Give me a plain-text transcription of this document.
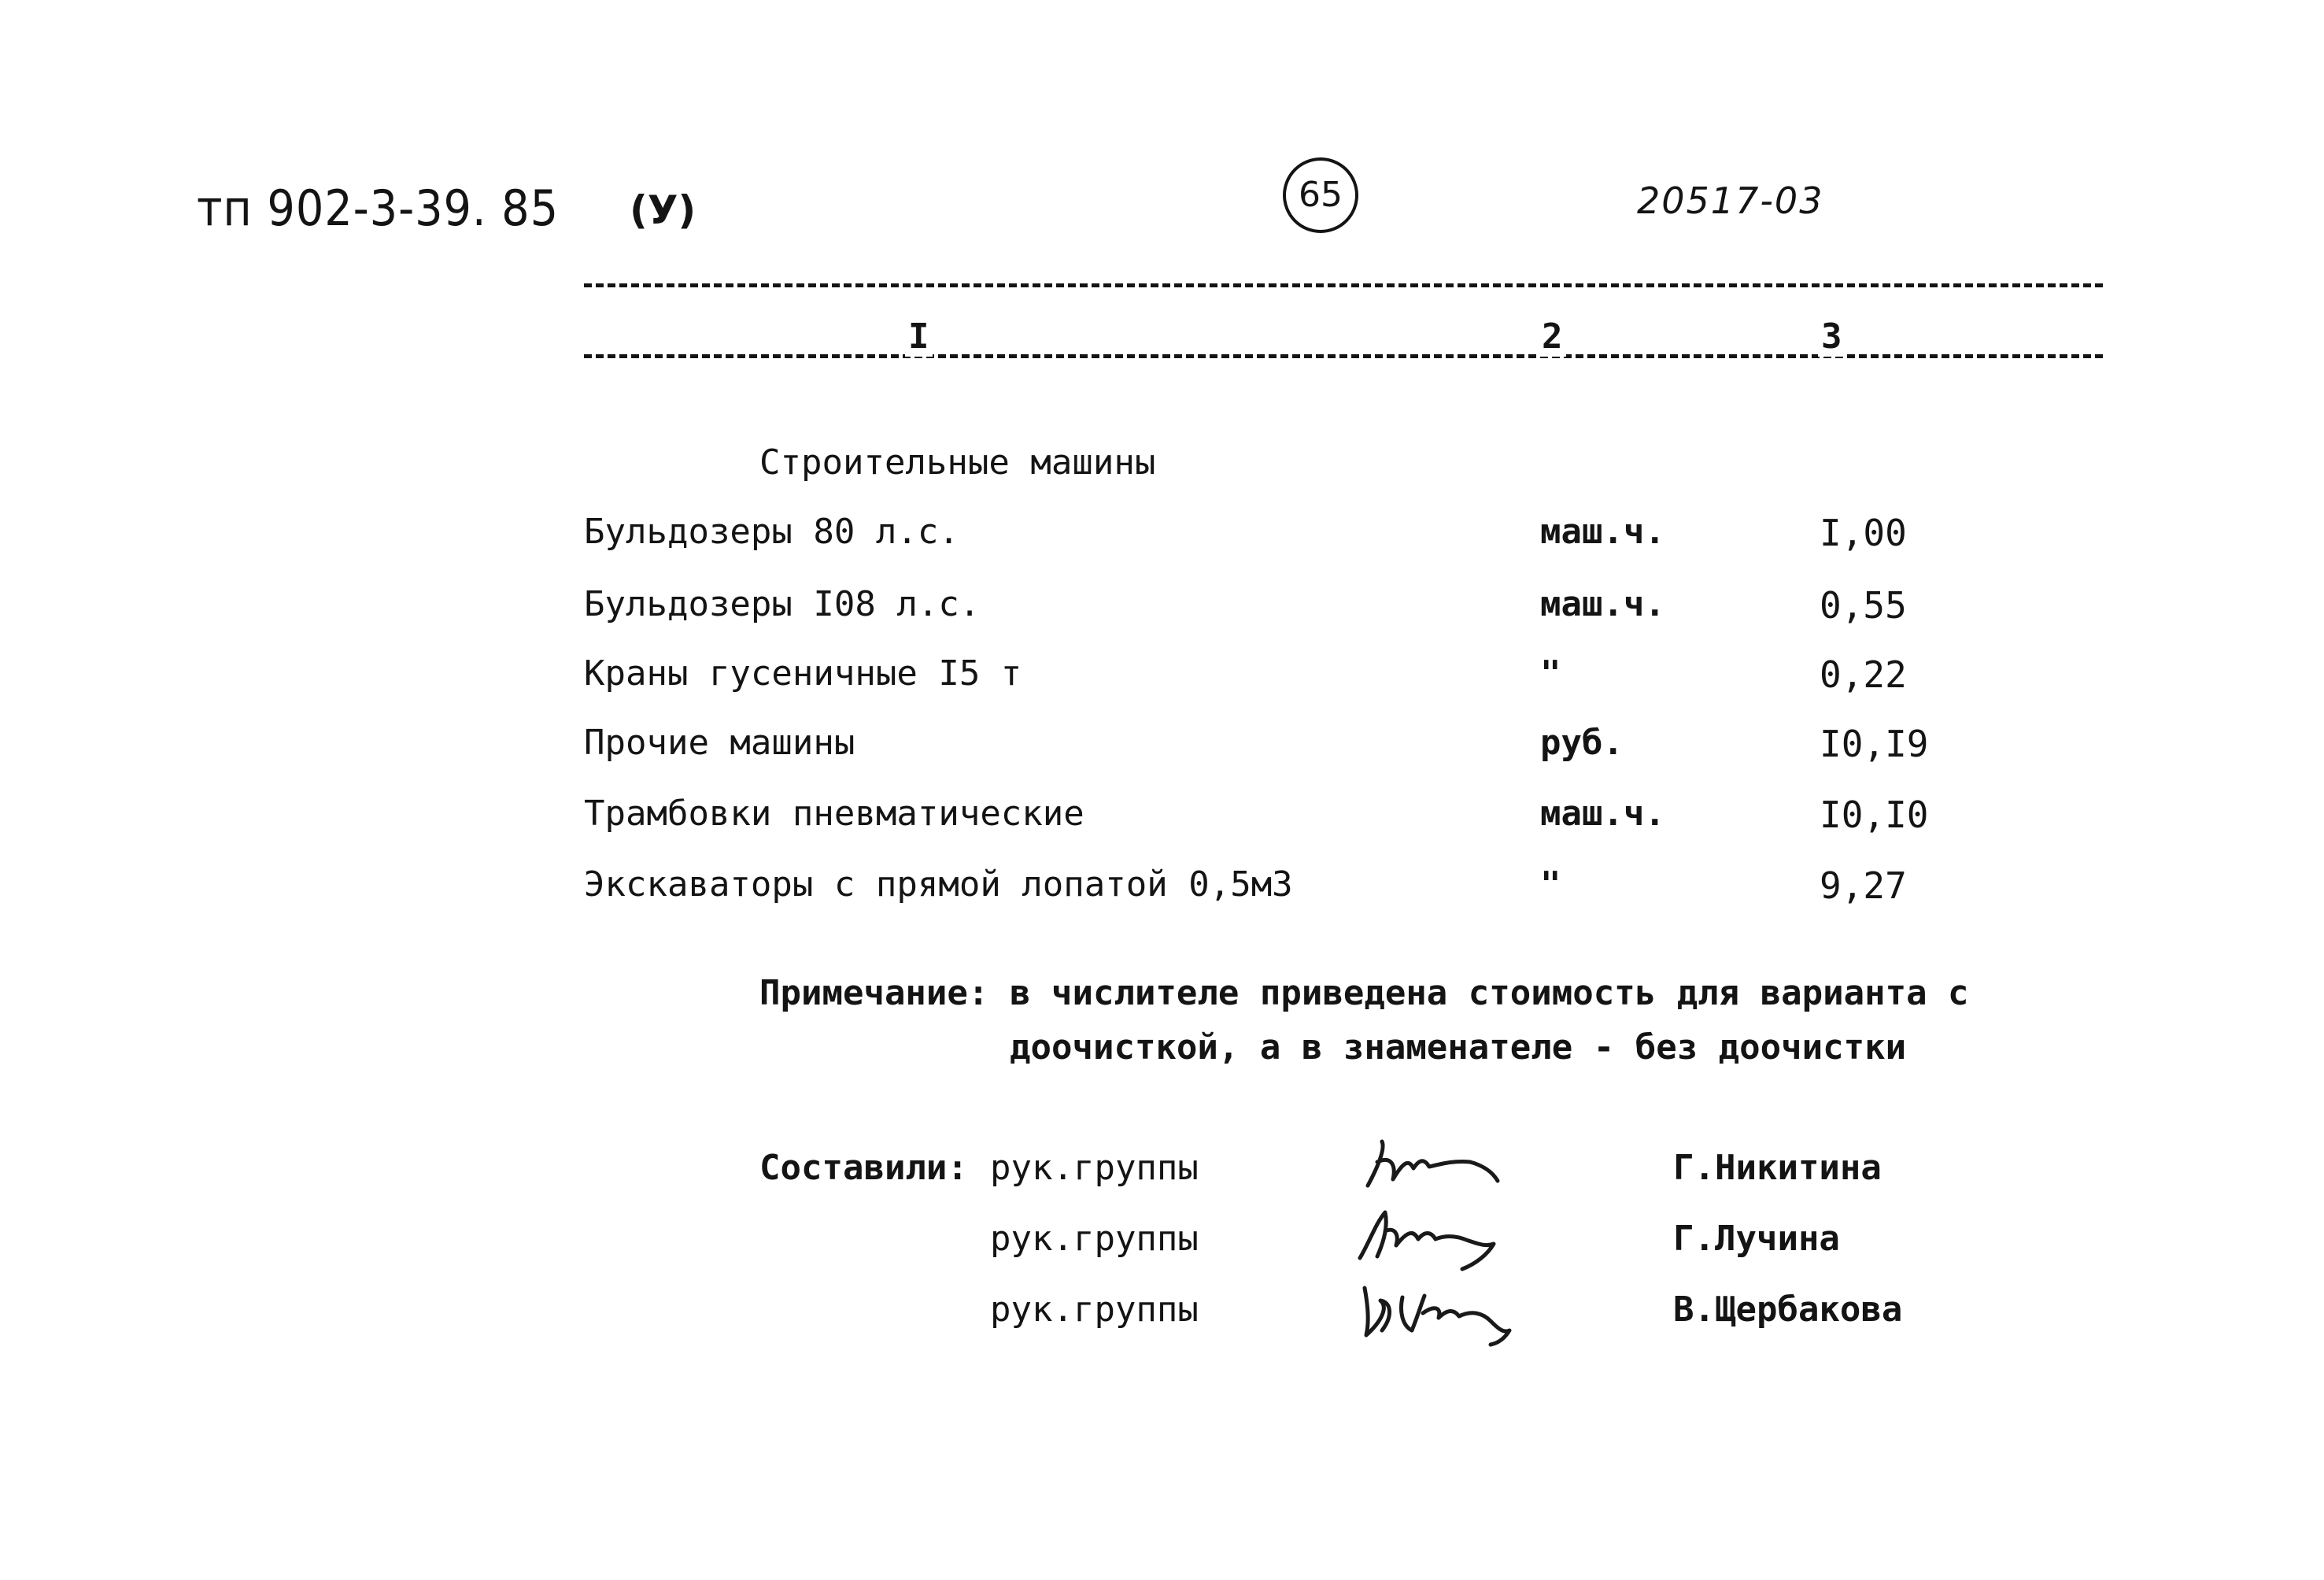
тп 902-3-39. 85 (У)	65	20517-03
I	2	3
Строительные машины
Бульдозеры 80 л.с.	маш.ч.	I,00
Бульдозеры I08 л.с.	маш.ч.	0,55
Краны гусеничные I5 т	"	0,22
Прочие машины	руб.	I0,I9
Трамбовки пневматические	маш.ч.	I0,I0
Экскаваторы с прямой лопатой 0,5м3	"	9,27
Примечание: в числителе приведена стоимость для варианта с
доочисткой, а в знаменателе - без доочистки
Составили: рук.группы	Г.Никитина
рук.группы	Г.Лучина
рук.группы	В.Щербакова
